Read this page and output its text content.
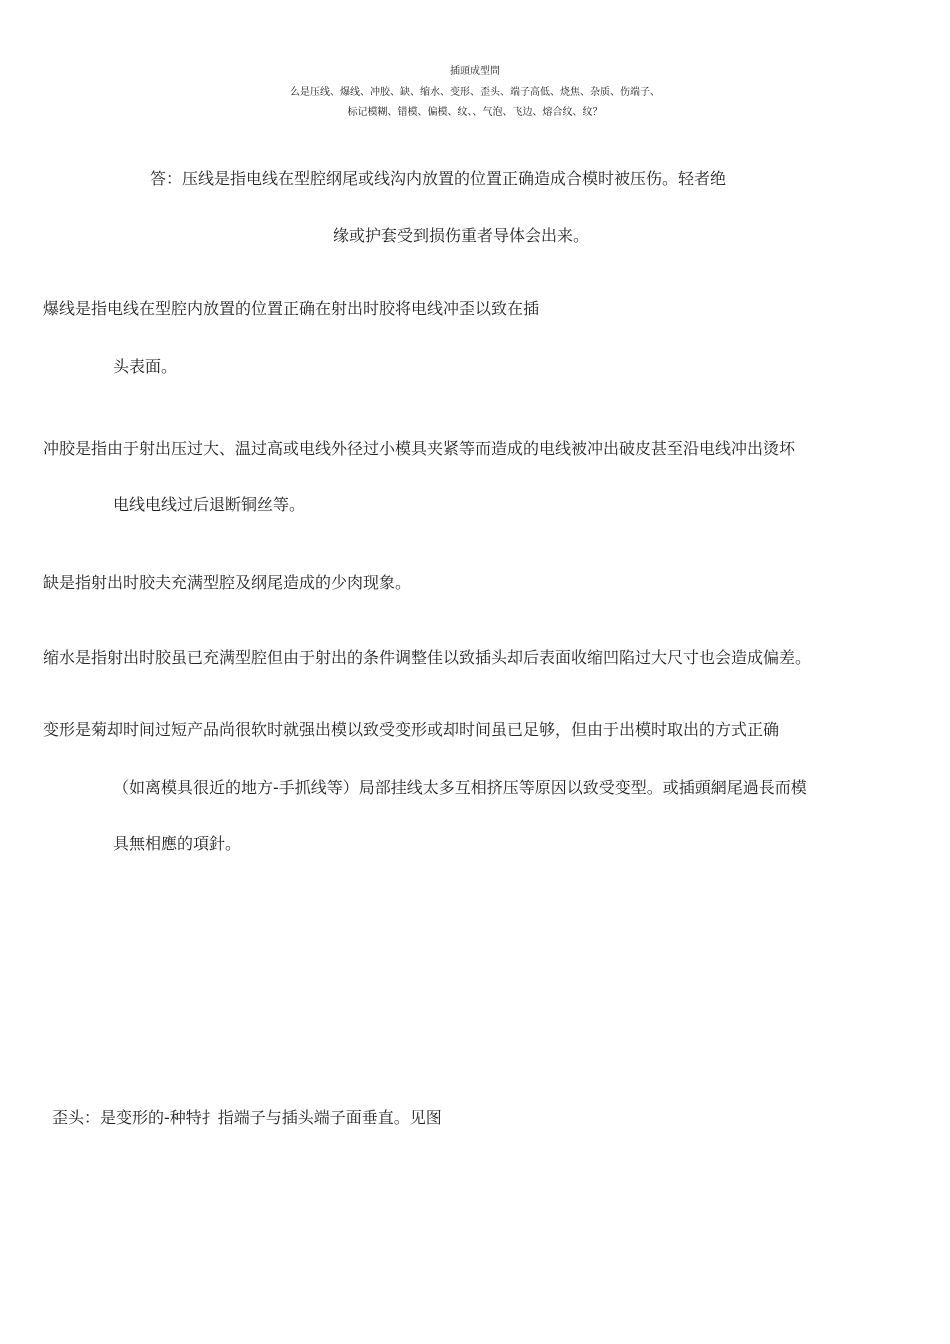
插頭成型問
么是压线、爆线、冲胶、缺、缩水、变形、歪头、端子高低、烧焦、杂质、伤端子、
标记模糊、错模、偏模、纹、、气泡、飞边、熔合纹、纹？
答：压线是指电线在型腔纲尾或线沟内放置的位置正确造成合模时被压伤。轻者绝
缘或护套受到损伤重者导体会出来。
爆线是指电线在型腔内放置的位置正确在射出时胶将电线冲歪以致在插
头表面。
冲胶是指由于射出压过大、温过高或电线外径过小模具夹紧等而造成的电线被冲出破皮甚至沿电线冲出烫坏
电线电线过后退断铜丝等。
缺是指射出时胶夫充满型腔及纲尾造成的少肉现象。
缩水是指射出时胶虽已充满型腔但由于射出的条件调整佳以致插头却后表面收缩凹陷过大尺寸也会造成偏差。
变形是菊却时间过短产品尚很软时就强出模以致受变形或却时间虽已足够，但由于出模时取出的方式正确
（如离模具很近的地方-手抓线等）局部挂线太多互相挤压等原因以致受变型。或插頭網尾過長而模
具無相應的項針。
歪头：是变形的-种特扌指端子与插头端子面垂直。见图
